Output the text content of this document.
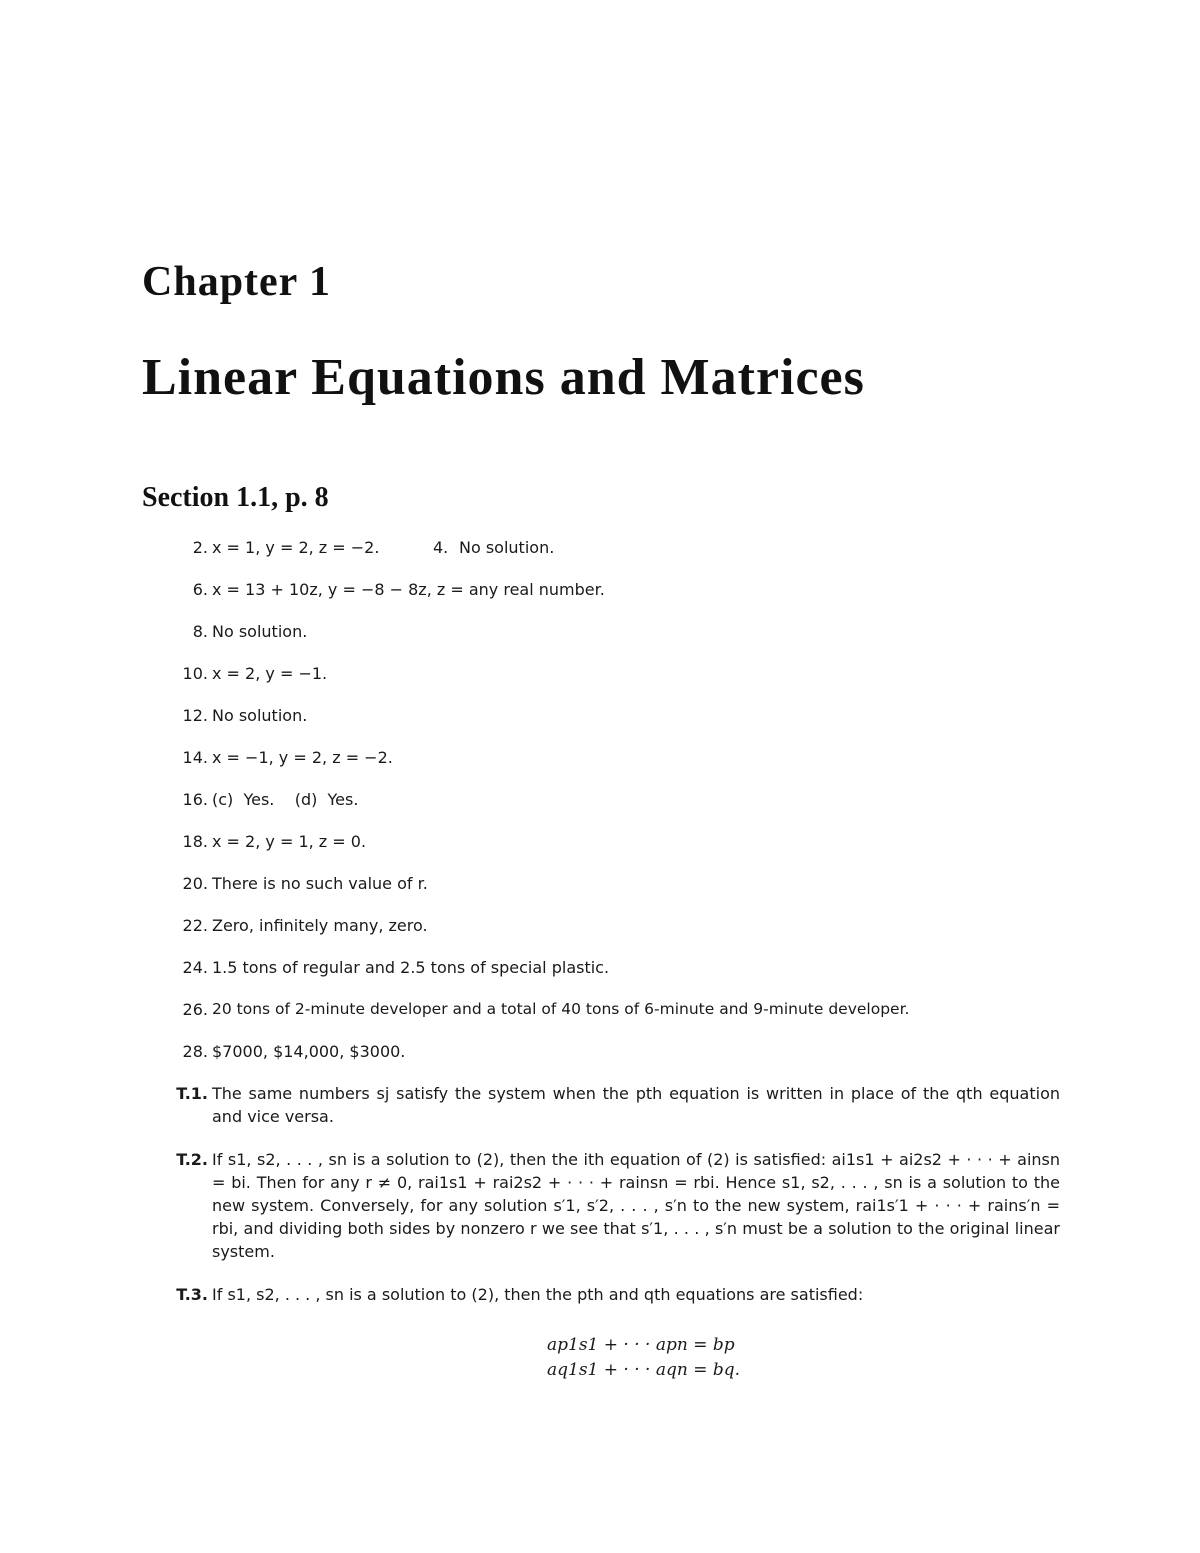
Chapter 1
Linear Equations and Matrices
Section 1.1, p. 8
2. x = 1, y = 2, z = −2.	4. No solution.
6. x = 13 + 10z, y = −8 − 8z, z = any real number.
8. No solution.
10. x = 2, y = −1.
12. No solution.
14. x = −1, y = 2, z = −2.
16. (c)  Yes.    (d)  Yes.
18. x = 2, y = 1, z = 0.
20. There is no such value of r.
22. Zero, infinitely many, zero.
24. 1.5 tons of regular and 2.5 tons of special plastic.
26. 20 tons of 2-minute developer and a total of 40 tons of 6-minute and 9-minute developer.
28. $7000, $14,000, $3000.
T.1. The same numbers sj satisfy the system when the pth equation is written in place of the qth equation and vice versa.
T.2. If s1, s2, . . . , sn is a solution to (2), then the ith equation of (2) is satisfied: ai1s1 + ai2s2 + · · · + ainsn = bi. Then for any r ≠ 0, rai1s1 + rai2s2 + · · · + rainsn = rbi. Hence s1, s2, . . . , sn is a solution to the new system. Conversely, for any solution s′1, s′2, . . . , s′n to the new system, rai1s′1 + · · · + rains′n = rbi, and dividing both sides by nonzero r we see that s′1, . . . , s′n must be a solution to the original linear system.
T.3. If s1, s2, . . . , sn is a solution to (2), then the pth and qth equations are satisfied:
ap1s1 + · · · apn = bp
aq1s1 + · · · aqn = bq.
